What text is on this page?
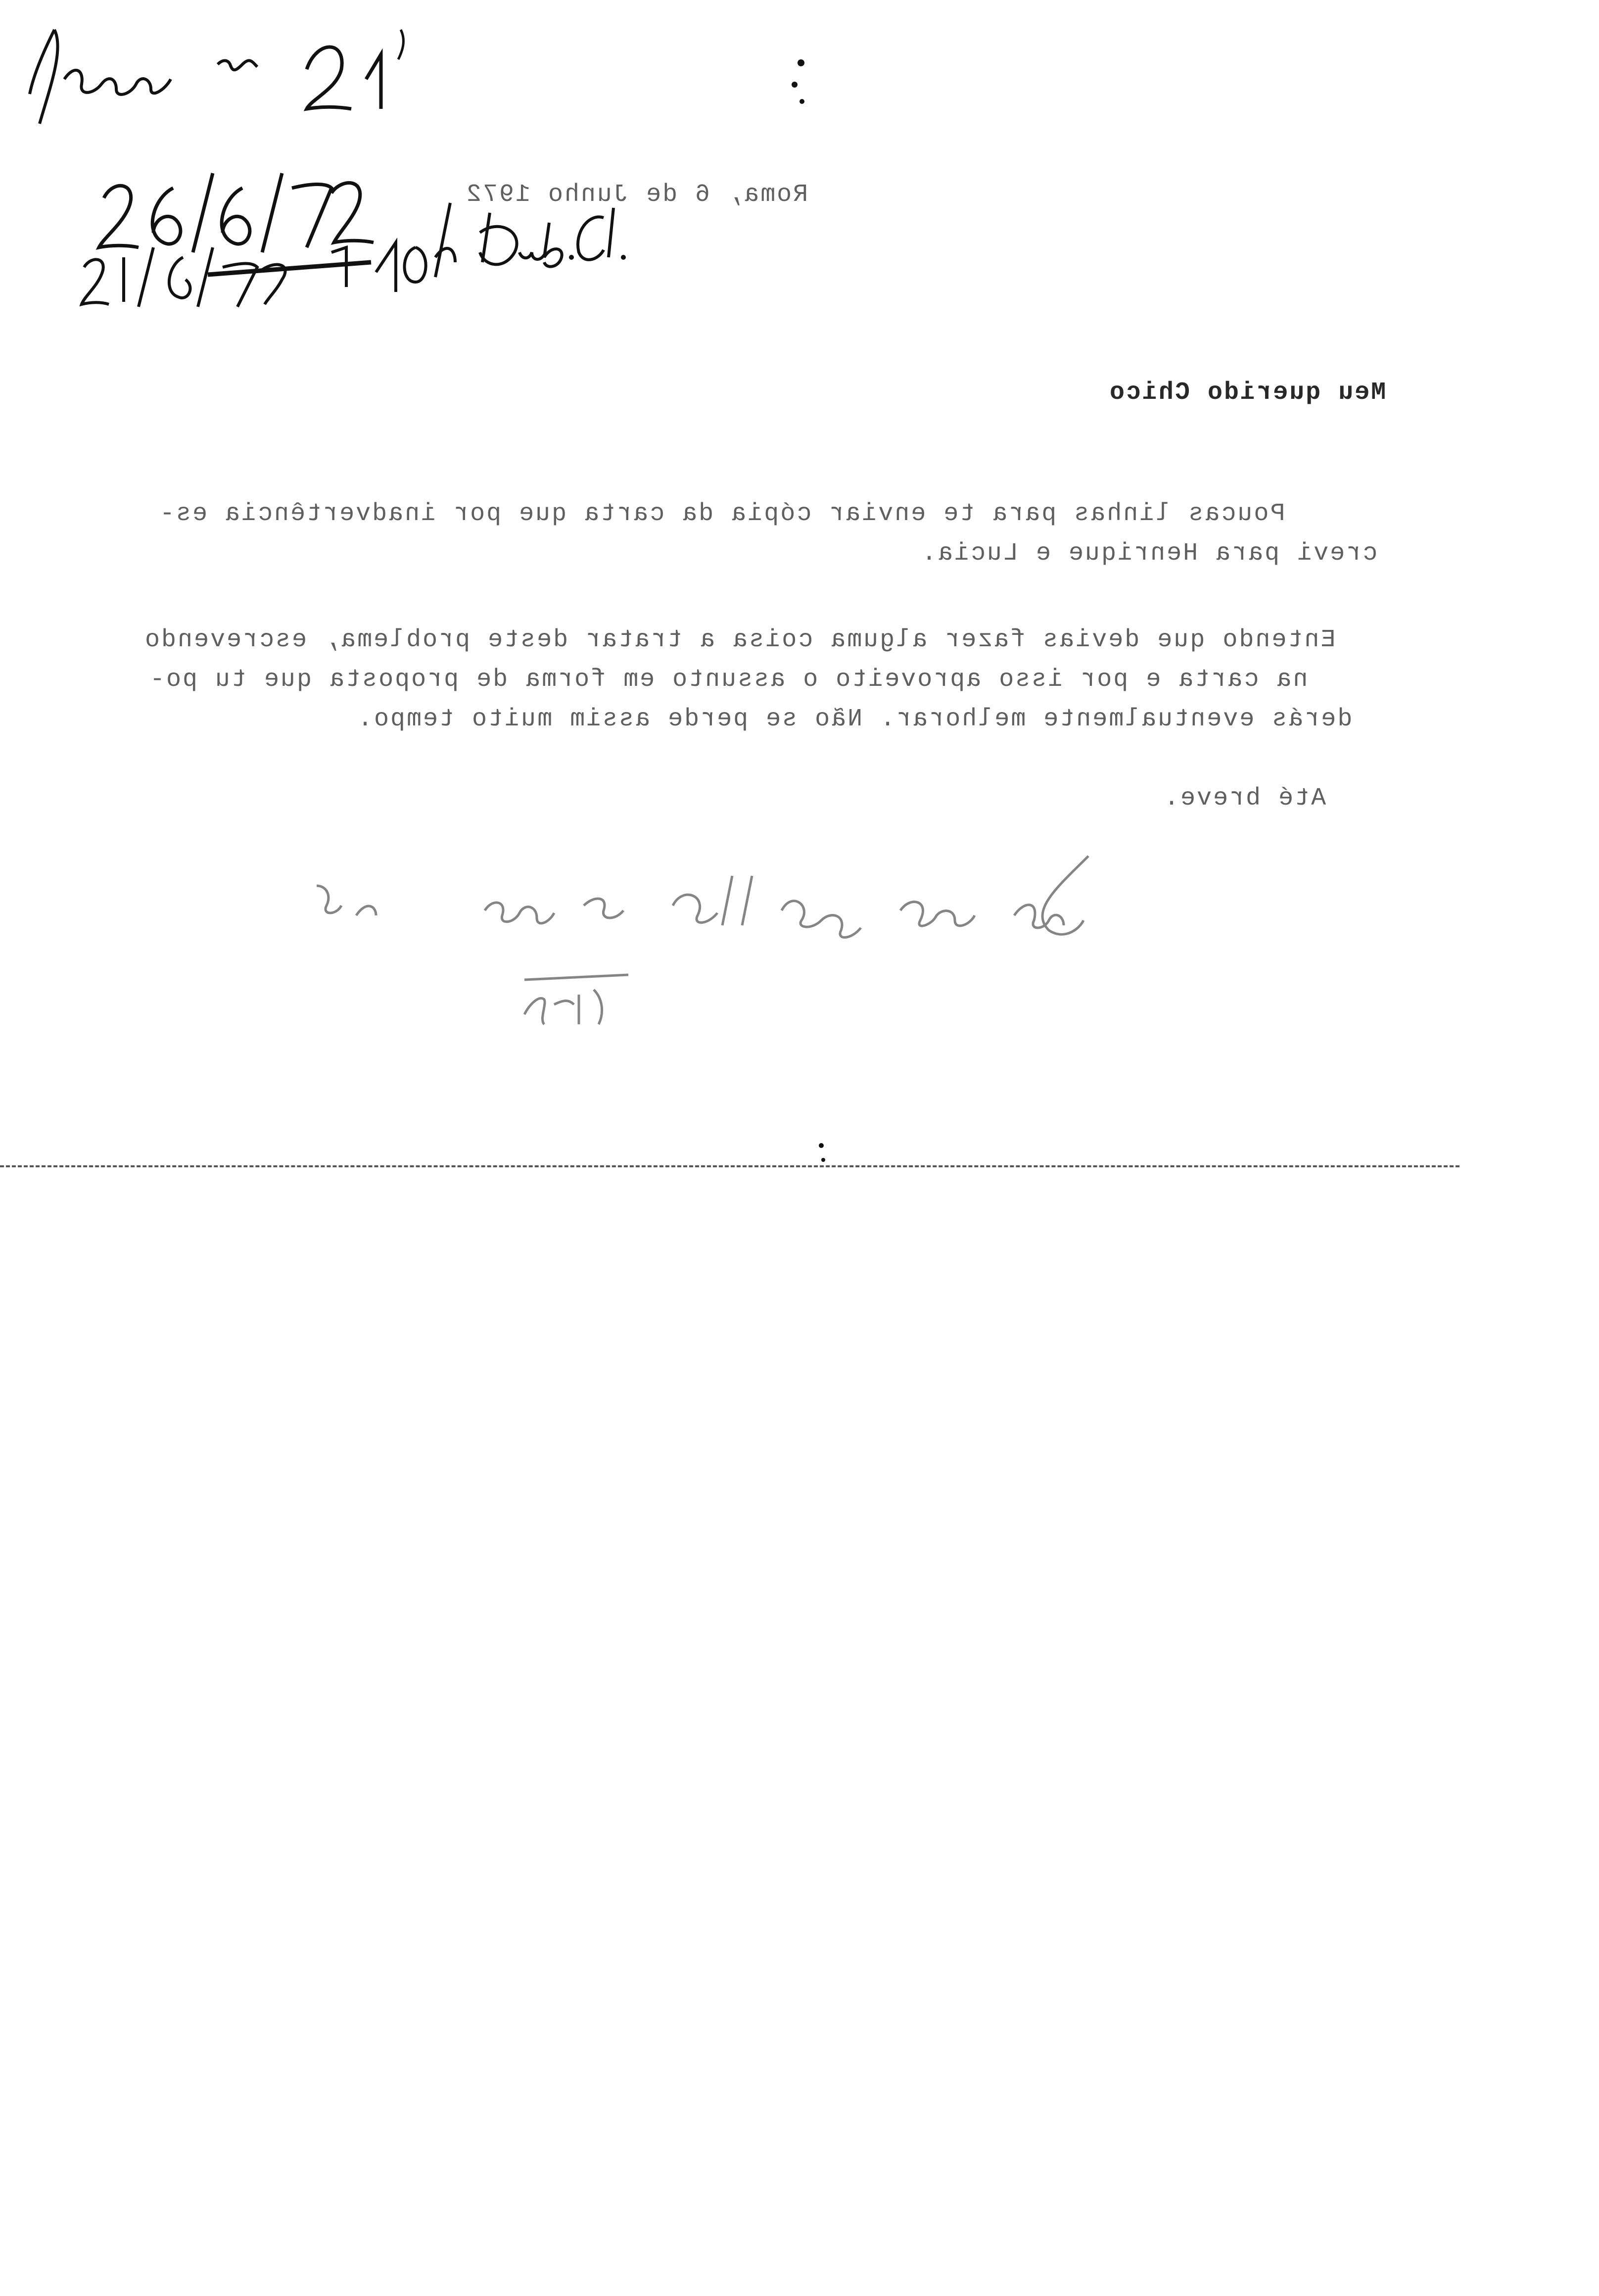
Roma, 6 de Junho 1972
Meu querido Chico
Poucas linhas para te enviar cópia da carta que por inadvertência es-
crevi para Henrique e Lucia.
Entendo que devias fazer alguma coisa a tratar deste problema, escrevendo
na carta e por isso aproveito o assunto em forma de proposta que tu po-
derás eventualmente melhorar. Não se perde assim muito tempo.
Até breve.
